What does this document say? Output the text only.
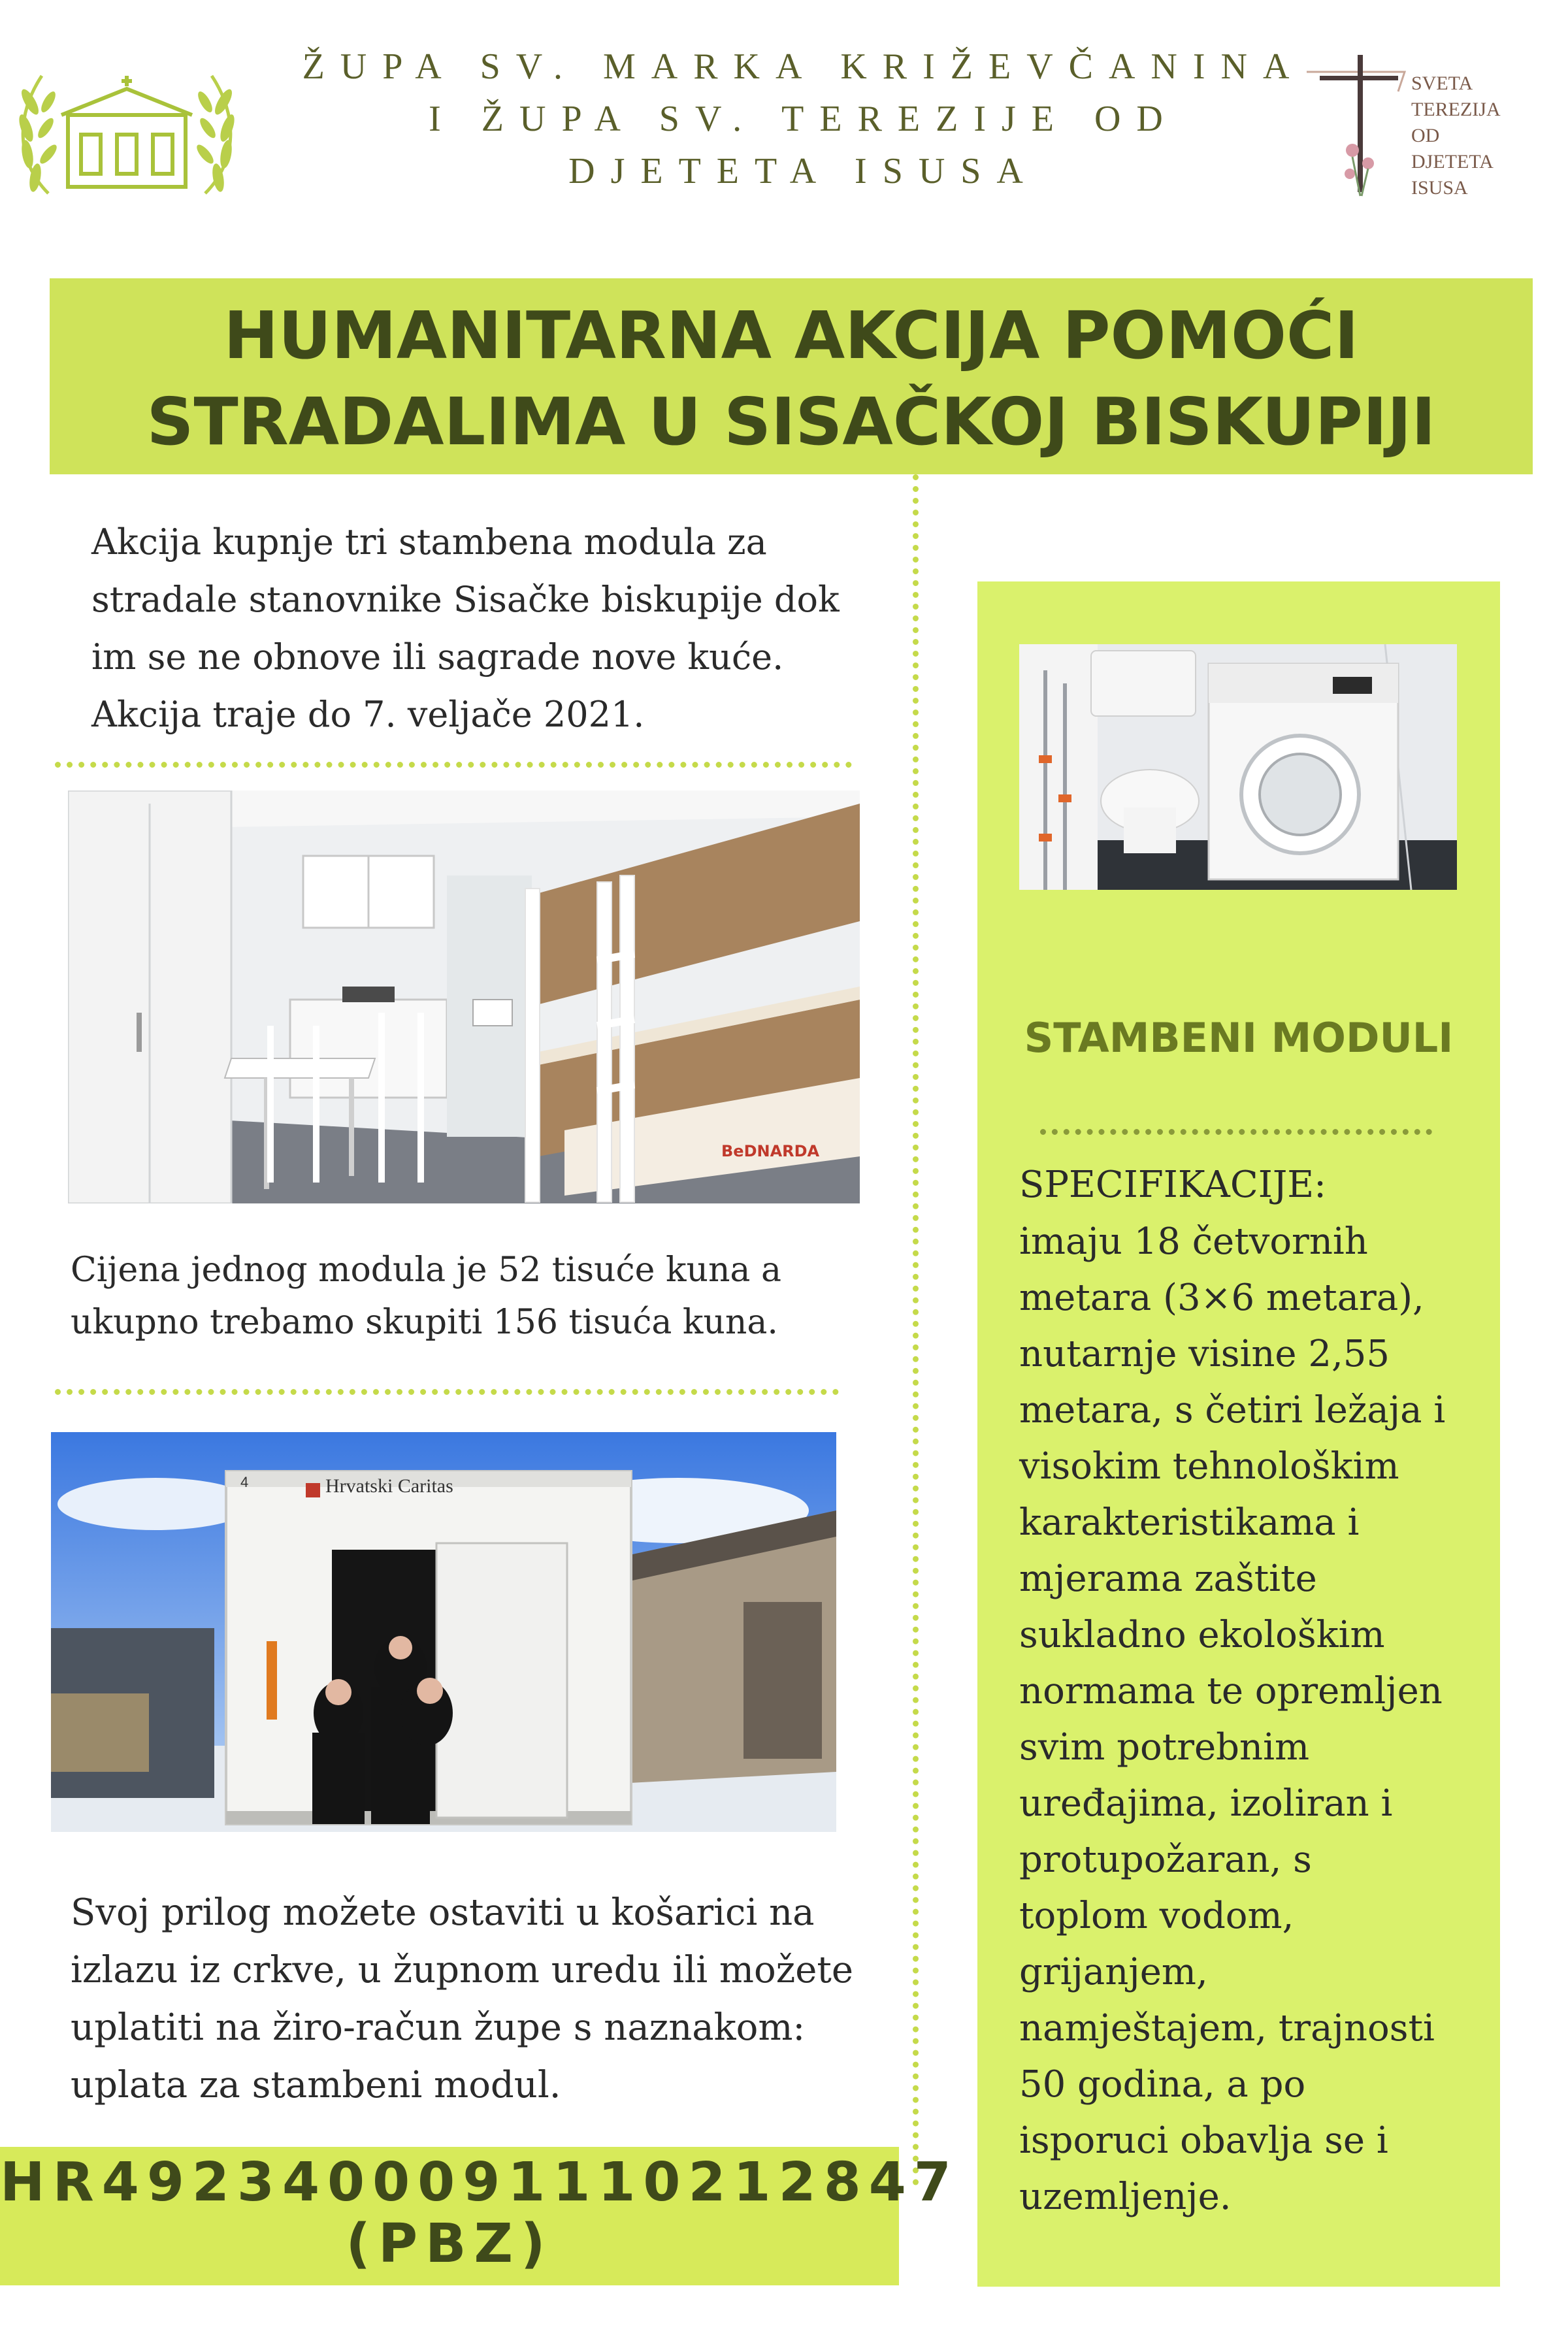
ŽUPA SV. MARKA KRIŽEVČANINA
I ŽUPA SV. TEREZIJE OD
DJETETA ISUSA
SVETA
TEREZIJA
OD
DJETETA
ISUSA
HUMANITARNA AKCIJA POMOĆI
STRADALIMA U SISAČKOJ BISKUPIJI
Akcija kupnje tri stambena modula za stradale stanovnike Sisačke biskupije dok im se ne obnove ili sagrade nove kuće. Akcija traje do 7. veljače 2021.
BeDNARDA
Cijena jednog modula je 52 tisuće kuna a ukupno trebamo skupiti 156 tisuća kuna.
Hrvatski Caritas
4
Svoj prilog možete ostaviti u košarici na izlazu iz crkve, u župnom uredu ili možete uplatiti na žiro-račun župe s naznakom: uplata za stambeni modul.
HR4923400091110212847
(PBZ)
STAMBENI MODULI
SPECIFIKACIJE:
imaju 18 četvornih
metara (3×6 metara),
nutarnje visine 2,55
metara, s četiri ležaja i
visokim tehnološkim
karakteristikama i
mjerama zaštite
sukladno ekološkim
normama te opremljen
svim potrebnim
uređajima, izoliran i
protupožaran, s
toplom vodom,
grijanjem,
namještajem, trajnosti
50 godina, a po
isporuci obavlja se i
uzemljenje.
